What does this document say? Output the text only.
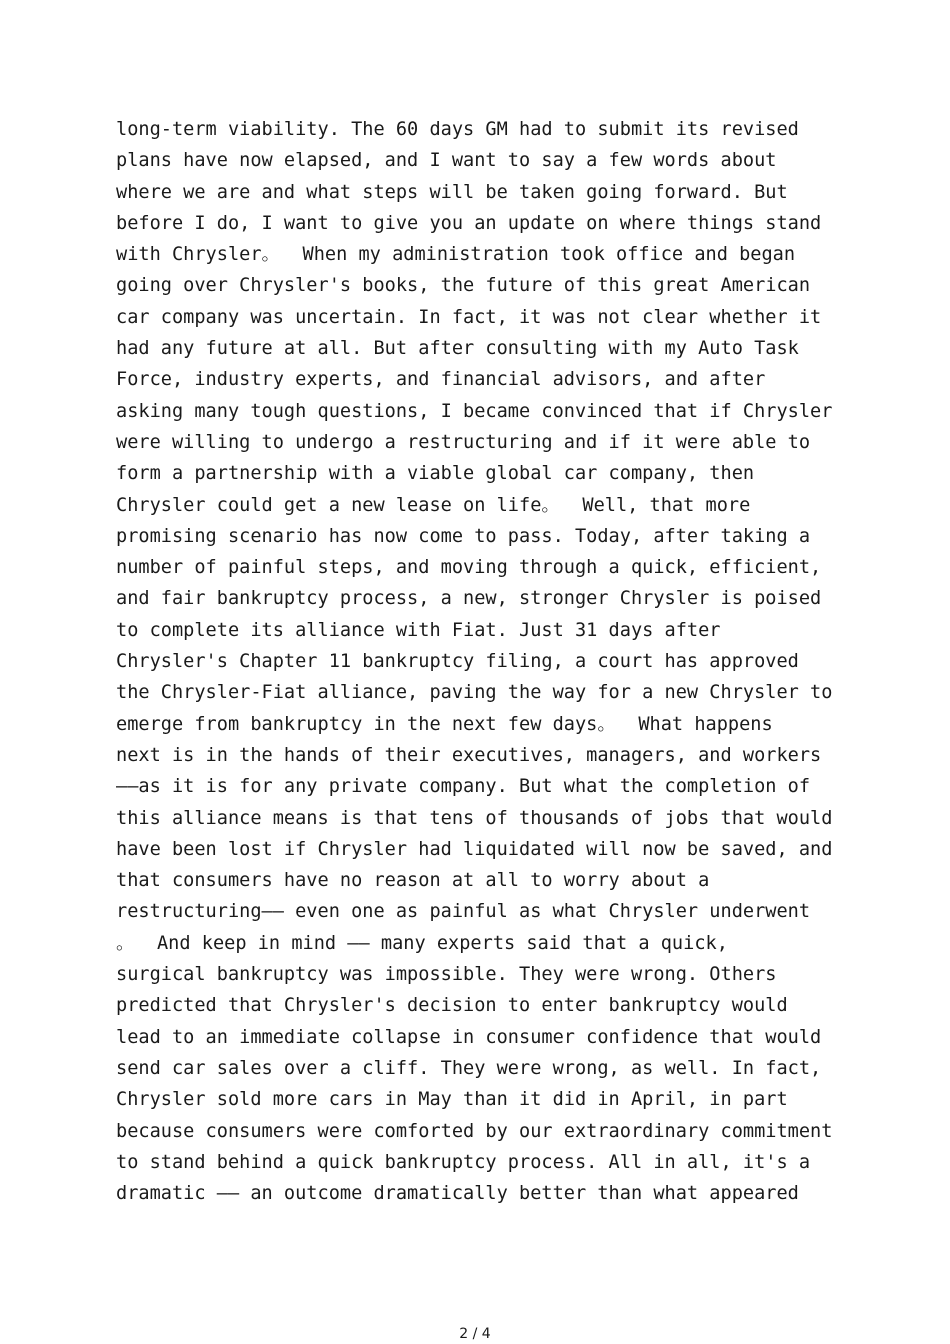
long-term viability. The 60 days GM had to submit its revised
plans have now elapsed, and I want to say a few words about
where we are and what steps will be taken going forward. But
before I do, I want to give you an update on where things stand
with Chrysler。  When my administration took office and began
going over Chrysler's books, the future of this great American
car company was uncertain. In fact, it was not clear whether it
had any future at all. But after consulting with my Auto Task
Force, industry experts, and financial advisors, and after
asking many tough questions, I became convinced that if Chrysler
were willing to undergo a restructuring and if it were able to
form a partnership with a viable global car company, then
Chrysler could get a new lease on life。  Well, that more
promising scenario has now come to pass. Today, after taking a
number of painful steps, and moving through a quick, efficient,
and fair bankruptcy process, a new, stronger Chrysler is poised
to complete its alliance with Fiat. Just 31 days after
Chrysler's Chapter 11 bankruptcy filing, a court has approved
the Chrysler-Fiat alliance, paving the way for a new Chrysler to
emerge from bankruptcy in the next few days。  What happens
next is in the hands of their executives, managers, and workers
——as it is for any private company. But what the completion of
this alliance means is that tens of thousands of jobs that would
have been lost if Chrysler had liquidated will now be saved, and
that consumers have no reason at all to worry about a
restructuring—— even one as painful as what Chrysler underwent
。  And keep in mind —— many experts said that a quick,
surgical bankruptcy was impossible. They were wrong. Others
predicted that Chrysler's decision to enter bankruptcy would
lead to an immediate collapse in consumer confidence that would
send car sales over a cliff. They were wrong, as well. In fact,
Chrysler sold more cars in May than it did in April, in part
because consumers were comforted by our extraordinary commitment
to stand behind a quick bankruptcy process. All in all, it's a
dramatic —— an outcome dramatically better than what appeared
2 / 4
